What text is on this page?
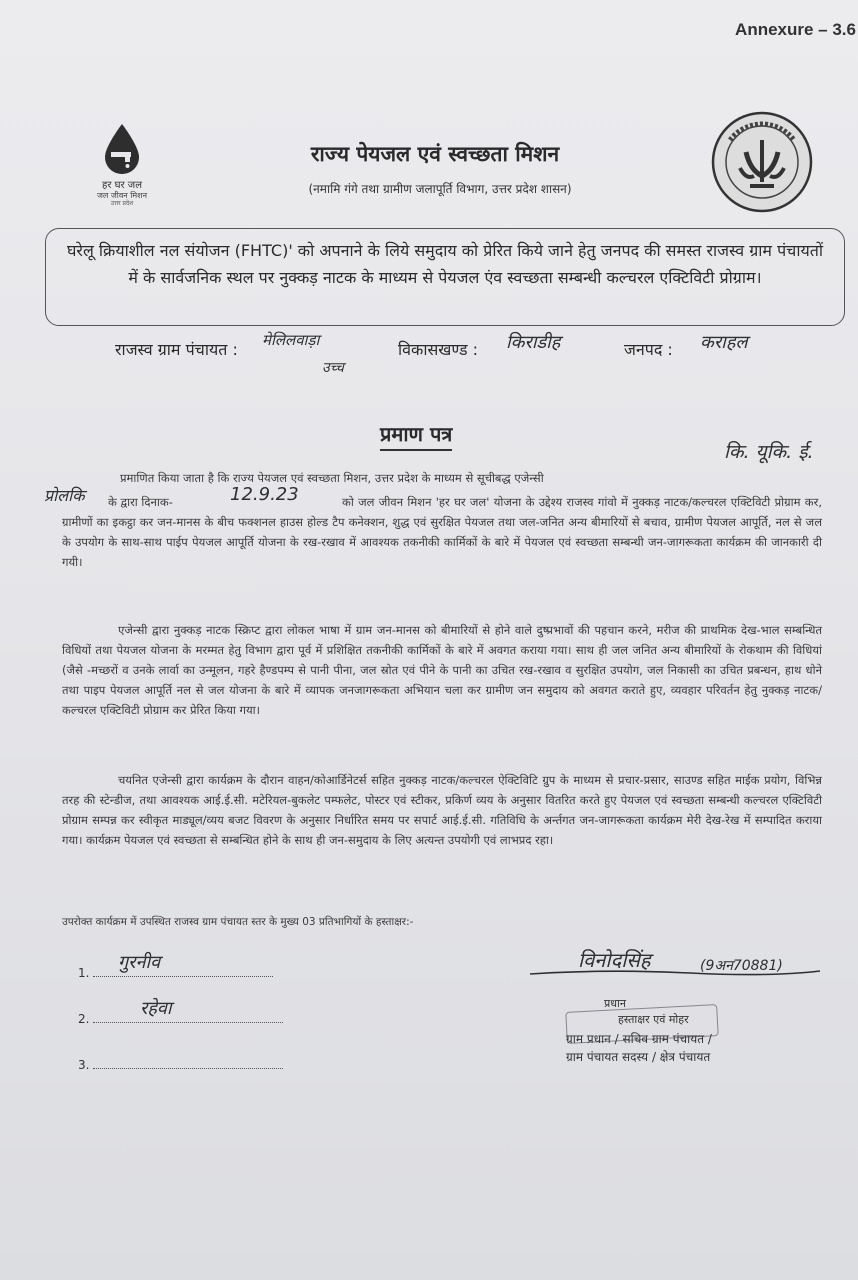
Annexure – 3.6
हर घर जल
जल जीवन मिशन
उत्तर प्रदेश
राज्य पेयजल एवं स्वच्छता मिशन
(नमामि गंगे तथा ग्रामीण जलापूर्ति विभाग, उत्तर प्रदेश शासन)
घरेलू क्रियाशील नल संयोजन (FHTC)' को अपनाने के लिये समुदाय को प्रेरित किये जाने हेतु जनपद की समस्त राजस्व ग्राम पंचायतों में के सार्वजनिक स्थल पर नुक्कड़ नाटक के माध्यम से पेयजल एंव स्वच्छता सम्बन्धी कल्चरल एक्टिविटी प्रोग्राम।
राजस्व ग्राम पंचायत : मेलिलवाड़ा
उच्च
विकासखण्ड : किराडीह	जनपद : कराहल
प्रमाण पत्र
कि. यूकि. ई.
प्रोलकि	12.9.23
प्रमाणित किया जाता है कि राज्य पेयजल एवं स्वच्छता मिशन, उत्तर प्रदेश के माध्यम से सूचीबद्ध एजेन्सी
के द्वारा दिनाक-	को जल जीवन मिशन 'हर घर जल' योजना के उद्देश्य राजस्व गांवो में नुक्कड़ नाटक/कल्चरल एक्टिविटी प्रोग्राम कर, ग्रामीणों का इकट्ठा कर जन-मानस के बीच फक्शनल हाउस होल्ड टैप कनेक्शन, शुद्ध एवं सुरक्षित पेयजल तथा जल-जनित अन्य बीमारियों से बचाव, ग्रामीण पेयजल आपूर्ति, नल से जल के उपयोग के साथ-साथ पाईप पेयजल आपूर्ति योजना के रख-रखाव में आवश्यक तकनीकी कार्मिकों के बारे में पेयजल एवं स्वच्छता सम्बन्धी जन-जागरूकता कार्यक्रम की जानकारी दी गयी।
एजेन्सी द्वारा नुक्कड़ नाटक स्क्रिप्ट द्वारा लोकल भाषा में ग्राम जन-मानस को बीमारियों से होने वाले दुष्प्रभावों की पहचान करने, मरीज की प्राथमिक देख-भाल सम्बन्धित विधियों तथा पेयजल योजना के मरम्मत हेतु विभाग द्वारा पूर्व में प्रशिक्षित तकनीकी कार्मिकों के बारे में अवगत कराया गया। साथ ही जल जनित अन्य बीमारियों के रोकथाम की विधियां (जैसे -मच्छरों व उनके लार्वा का उन्मूलन, गहरे हैण्डपम्प से पानी पीना, जल स्रोत एवं पीने के पानी का उचित रख-रखाव व सुरक्षित उपयोग, जल निकासी का उचित प्रबन्धन, हाथ धोने तथा पाइप पेयजल आपूर्ति नल से जल योजना के बारे में व्यापक जनजागरूकता अभियान चला कर ग्रामीण जन समुदाय को अवगत कराते हुए, व्यवहार परिवर्तन हेतु नुक्कड़ नाटक/कल्चरल एक्टिविटी प्रोग्राम कर प्रेरित किया गया।
चयनित एजेन्सी द्वारा कार्यक्रम के दौरान वाहन/कोआर्डिनेटर्स सहित नुक्कड़ नाटक/कल्चरल ऐक्टिविटि ग्रुप के माध्यम से प्रचार-प्रसार, साउण्ड सहित माईक प्रयोग, विभिन्न तरह की स्टेन्डीज, तथा आवश्यक आई.ई.सी. मटेरियल-बुकलेट पम्फलेट, पोस्टर एवं स्टीकर, प्रकिर्ण व्यय के अनुसार वितरित करते हुए पेयजल एवं स्वच्छता सम्बन्धी कल्चरल एक्टिविटी प्रोग्राम सम्पन्न कर स्वीकृत माड्यूल/व्यय बजट विवरण के अनुसार निर्धारित समय पर सपार्ट आई.ई.सी. गतिविधि के अर्न्तगत जन-जागरूकता कार्यक्रम मेरी देख-रेख में सम्पादित कराया गया। कार्यक्रम पेयजल एवं स्वच्छता से सम्बन्धित होने के साथ ही जन-समुदाय के लिए अत्यन्त उपयोगी एवं लाभप्रद रहा।
उपरोक्त कार्यक्रम में उपस्थित राजस्व ग्राम पंचायत स्तर के मुख्य 03 प्रतिभागियों के हस्ताक्षर:-
1.	गुरनीव
2.	रहेवा
3.
विनोदसिंह	(9अन70881)
प्रधान
हस्ताक्षर एवं मोहर
ग्राम प्रधान / सचिव ग्राम पंचायत /
ग्राम पंचायत सदस्य / क्षेत्र पंचायत
